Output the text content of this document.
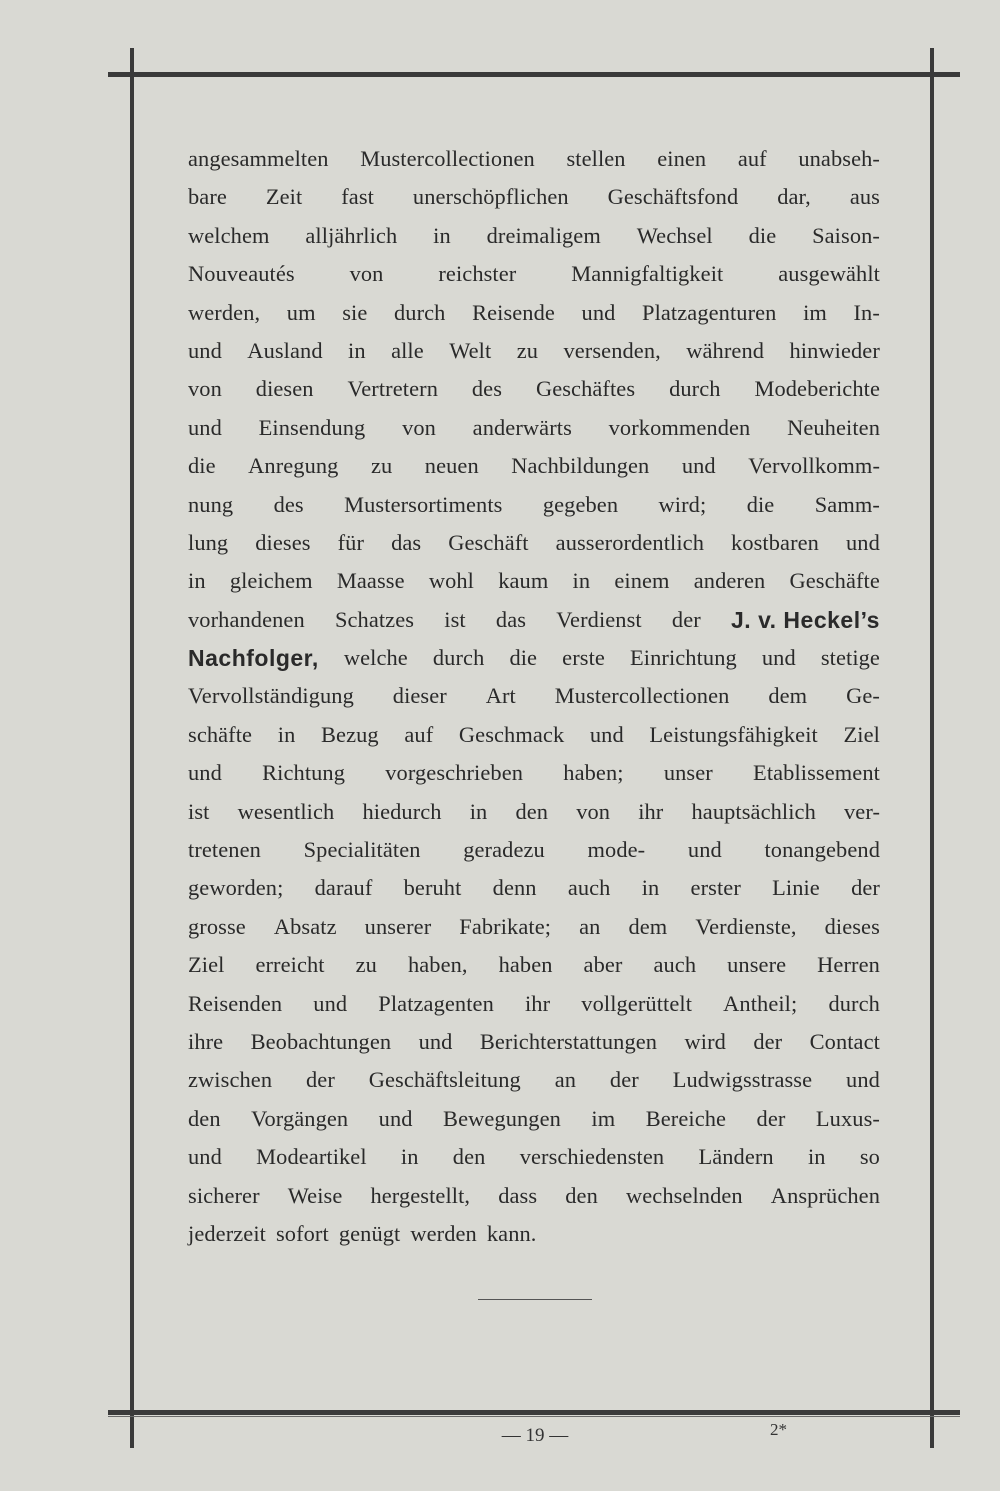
angesammelten Mustercollectionen stellen einen auf unabseh-
bare Zeit fast unerschöpflichen Geschäftsfond dar, aus
welchem alljährlich in dreimaligem Wechsel die Saison-
Nouveautés von reichster Mannigfaltigkeit ausgewählt
werden, um sie durch Reisende und Platzagenturen im In-
und Ausland in alle Welt zu versenden, während hinwieder
von diesen Vertretern des Geschäftes durch Modeberichte
und Einsendung von anderwärts vorkommenden Neuheiten
die Anregung zu neuen Nachbildungen und Vervollkomm-
nung des Mustersortiments gegeben wird; die Samm-
lung dieses für das Geschäft ausserordentlich kostbaren und
in gleichem Maasse wohl kaum in einem anderen Geschäfte
vorhandenen Schatzes ist das Verdienst der J. v. Heckel’s
Nachfolger, welche durch die erste Einrichtung und stetige
Vervollständigung dieser Art Mustercollectionen dem Ge-
schäfte in Bezug auf Geschmack und Leistungsfähigkeit Ziel
und Richtung vorgeschrieben haben; unser Etablissement
ist wesentlich hiedurch in den von ihr hauptsächlich ver-
tretenen Specialitäten geradezu mode- und tonangebend
geworden; darauf beruht denn auch in erster Linie der
grosse Absatz unserer Fabrikate; an dem Verdienste, dieses
Ziel erreicht zu haben, haben aber auch unsere Herren
Reisenden und Platzagenten ihr vollgerüttelt Antheil; durch
ihre Beobachtungen und Berichterstattungen wird der Contact
zwischen der Geschäftsleitung an der Ludwigsstrasse und
den Vorgängen und Bewegungen im Bereiche der Luxus-
und Modeartikel in den verschiedensten Ländern in so
sicherer Weise hergestellt, dass den wechselnden Ansprüchen
jederzeit sofort genügt werden kann.
— 19 —	2*
